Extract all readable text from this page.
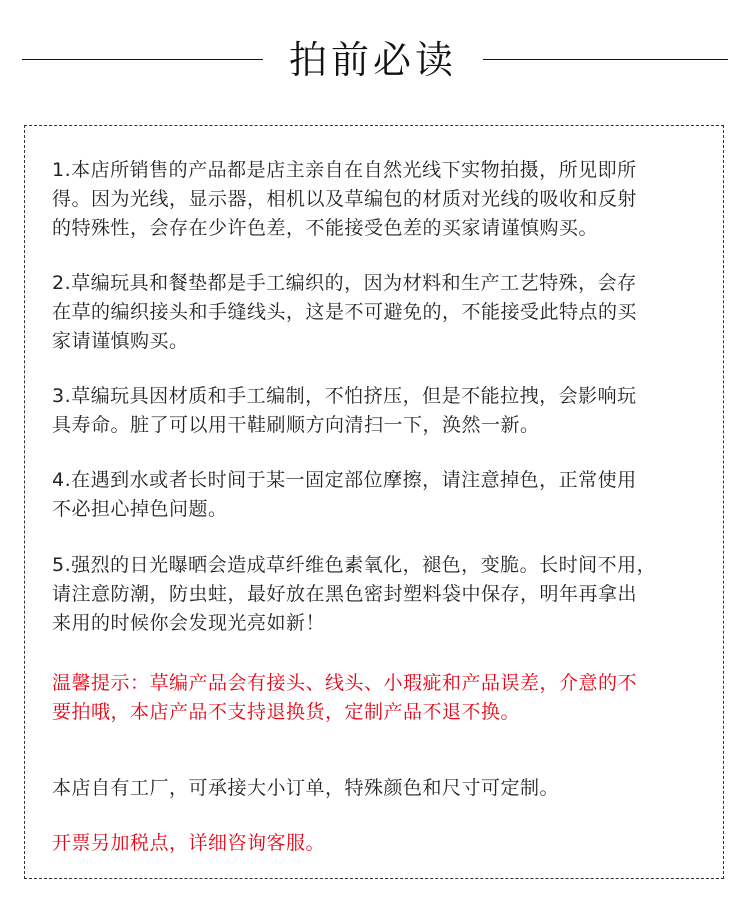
拍前必读
1.本店所销售的产品都是店主亲自在自然光线下实物拍摄，所见即所
得。因为光线，显示器，相机以及草编包的材质对光线的吸收和反射
的特殊性，会存在少许色差，不能接受色差的买家请谨慎购买。
2.草编玩具和餐垫都是手工编织的，因为材料和生产工艺特殊，会存
在草的编织接头和手缝线头，这是不可避免的，不能接受此特点的买
家请谨慎购买。
3.草编玩具因材质和手工编制，不怕挤压，但是不能拉拽，会影响玩
具寿命。脏了可以用干鞋刷顺方向清扫一下，涣然一新。
4.在遇到水或者长时间于某一固定部位摩擦，请注意掉色，正常使用
不必担心掉色问题。
5.强烈的日光曝晒会造成草纤维色素氧化，褪色，变脆。长时间不用，
请注意防潮，防虫蛀，最好放在黑色密封塑料袋中保存，明年再拿出
来用的时候你会发现光亮如新！
温馨提示：草编产品会有接头、线头、小瑕疵和产品误差，介意的不
要拍哦，本店产品不支持退换货，定制产品不退不换。
本店自有工厂，可承接大小订单，特殊颜色和尺寸可定制。
开票另加税点，详细咨询客服。
